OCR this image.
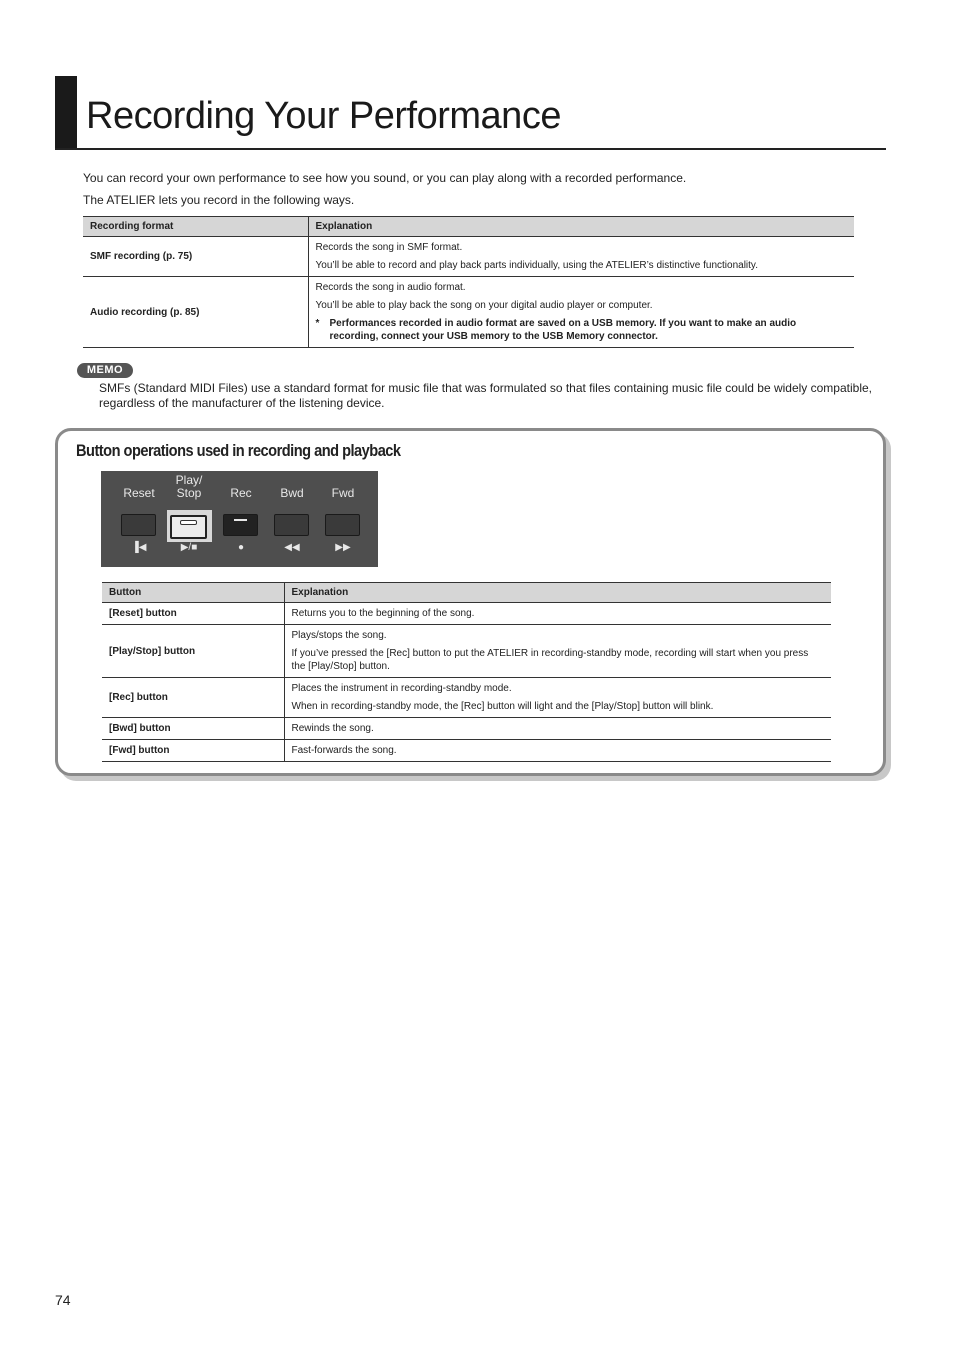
Recording Your Performance
You can record your own performance to see how you sound, or you can play along with a recorded performance.
The ATELIER lets you record in the following ways.
Recording format	Explanation
SMF recording (p. 75)	Records the song in SMF format.

You’ll be able to record and play back parts individually, using the ATELIER’s distinctive functionality.

Audio recording (p. 85)	Records the song in audio format.

You’ll be able to play back the song on your digital audio player or computer.

* Performances recorded in audio format are saved on a USB memory. If you want to make an audio recording, connect your USB memory to the USB Memory connector.

MEMO
SMFs (Standard MIDI Files) use a standard format for music file that was formulated so that files containing music file could be widely compatible, regardless of the manufacturer of the listening device.
Button operations used in recording and playback
Reset
▐◀
Play/
Stop
▶/■
Rec
●
Bwd
◀◀
Fwd
▶▶
Button	Explanation
[Reset] button	Returns you to the beginning of the song.

[Play/Stop] button	Plays/stops the song.

If you’ve pressed the [Rec] button to put the ATELIER in recording-standby mode, recording will start when you press the [Play/Stop] button.

[Rec] button	Places the instrument in recording-standby mode.

When in recording-standby mode, the [Rec] button will light and the [Play/Stop] button will blink.

[Bwd] button	Rewinds the song.

[Fwd] button	Fast-forwards the song.

74
